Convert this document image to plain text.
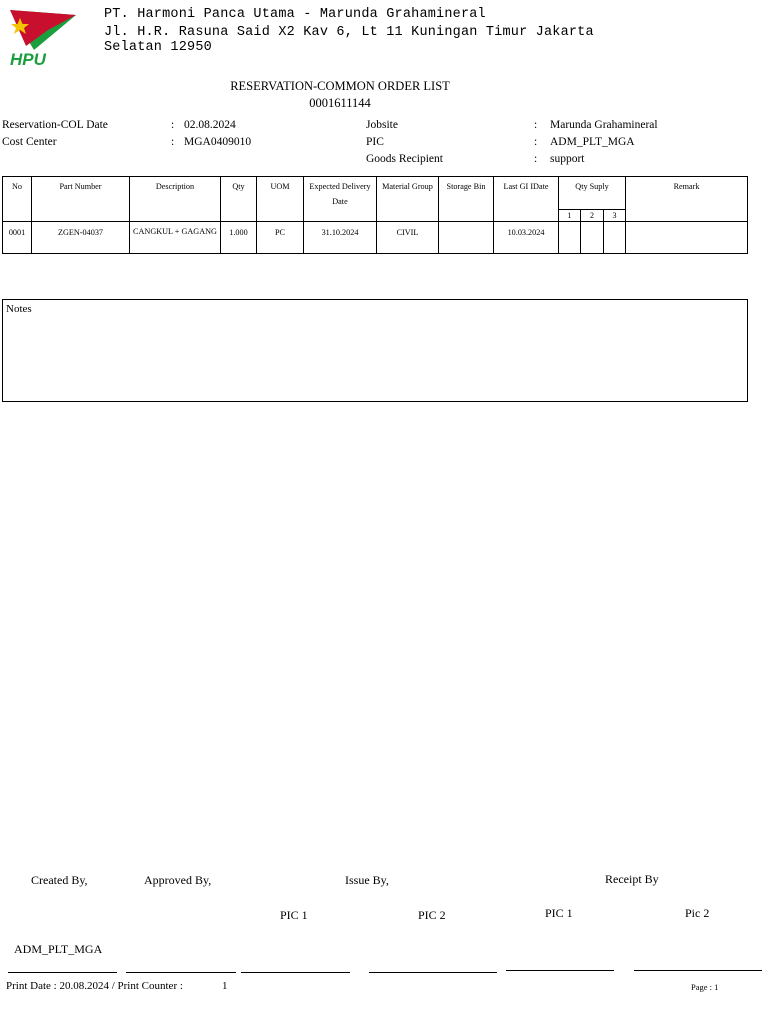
HPU
PT. Harmoni Panca Utama - Marunda Grahamineral
Jl. H.R. Rasuna Said X2 Kav 6, Lt 11 Kuningan Timur Jakarta
Selatan 12950
RESERVATION-COMMON ORDER LIST
0001611144
Reservation-COL Date	: 02.08.2024
Cost Center	: MGA0409010
Jobsite	: Marunda Grahamineral
PIC	: ADM_PLT_MGA
Goods Recipient	: support
No	Part Number	Description	Qty	UOM	Expected Delivery Date	Material Group	Storage Bin	Last GI IDate	Qty Suply			Remark
									1	2	3	
0001	ZGEN-04037	CANGKUL + GAGANG	1.000	PC	31.10.2024	CIVIL		10.03.2024				
Notes
Created By,	Approved By,	Issue By,	Receipt By
PIC 1	PIC 2	PIC 1	Pic 2
ADM_PLT_MGA
Print Date : 20.08.2024 / Print Counter :	1	Page : 1
